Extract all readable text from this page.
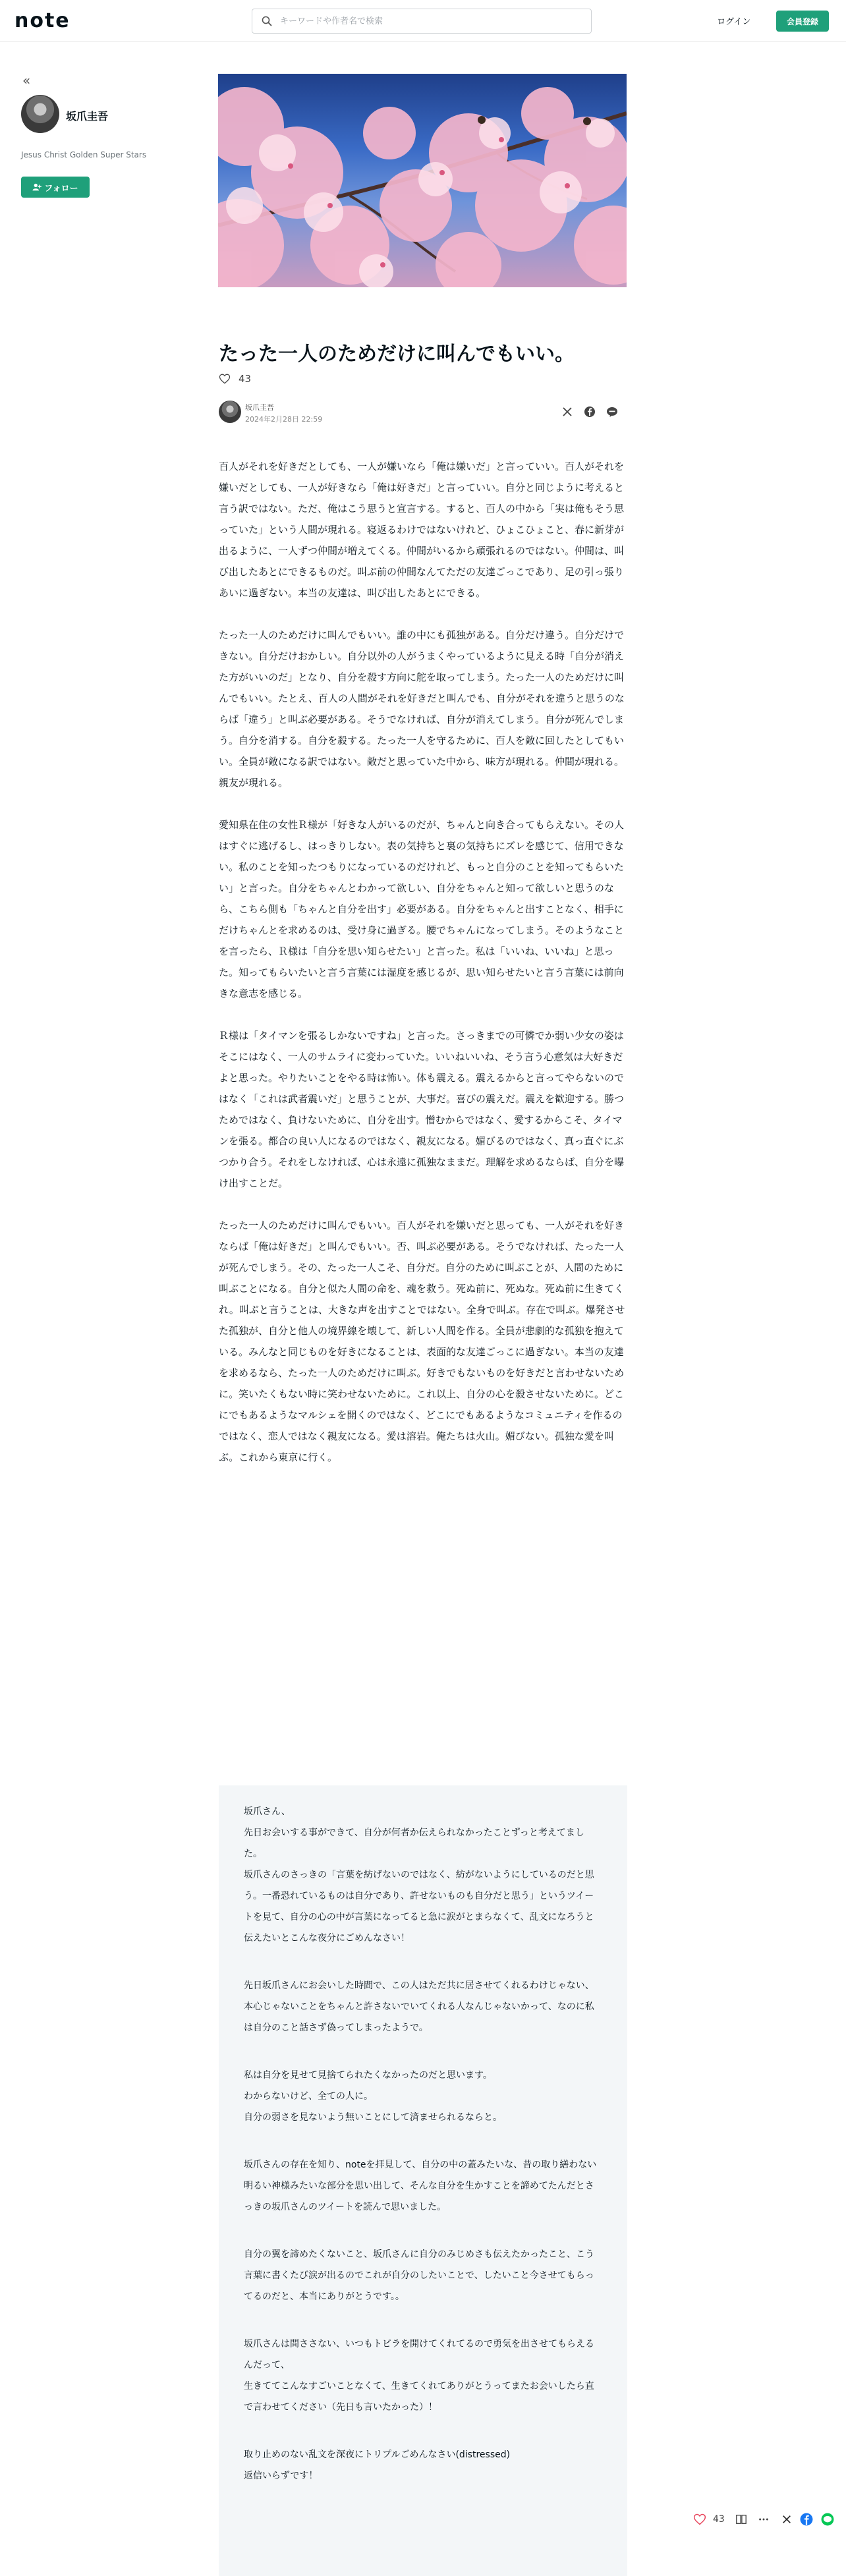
note
キーワードや作者名で検索	ログイン	会員登録
«
坂爪圭吾
Jesus Christ Golden Super Stars
フォロー
たった一人のためだけに叫んでもいい。
43
坂爪圭吾
2024年2月28日 22:59

百人がそれを好きだとしても、一人が嫌いなら「俺は嫌いだ」と言っていい。百人がそれを嫌いだとしても、一人が好きなら「俺は好きだ」と言っていい。自分と同じように考えると言う訳ではない。ただ、俺はこう思うと宣言する。すると、百人の中から「実は俺もそう思っていた」という人間が現れる。寝返るわけではないけれど、ひょこひょこと、春に新芽が出るように、一人ずつ仲間が増えてくる。仲間がいるから頑張れるのではない。仲間は、叫び出したあとにできるものだ。叫ぶ前の仲間なんてただの友達ごっこであり、足の引っ張りあいに過ぎない。本当の友達は、叫び出したあとにできる。

たった一人のためだけに叫んでもいい。誰の中にも孤独がある。自分だけ違う。自分だけできない。自分だけおかしい。自分以外の人がうまくやっているように見える時「自分が消えた方がいいのだ」となり、自分を殺す方向に舵を取ってしまう。たった一人のためだけに叫んでもいい。たとえ、百人の人間がそれを好きだと叫んでも、自分がそれを違うと思うのならば「違う」と叫ぶ必要がある。そうでなければ、自分が消えてしまう。自分が死んでしまう。自分を消する。自分を殺する。たった一人を守るために、百人を敵に回したとしてもいい。全員が敵になる訳ではない。敵だと思っていた中から、味方が現れる。仲間が現れる。親友が現れる。

愛知県在住の女性Ｒ様が「好きな人がいるのだが、ちゃんと向き合ってもらえない。その人はすぐに逃げるし、はっきりしない。表の気持ちと裏の気持ちにズレを感じて、信用できない。私のことを知ったつもりになっているのだけれど、もっと自分のことを知ってもらいたい」と言った。自分をちゃんとわかって欲しい、自分をちゃんと知って欲しいと思うのなら、こちら側も「ちゃんと自分を出す」必要がある。自分をちゃんと出すことなく、相手にだけちゃんとを求めるのは、受け身に過ぎる。腰でちゃんになってしまう。そのようなことを言ったら、Ｒ様は「自分を思い知らせたい」と言った。私は「いいね、いいね」と思った。知ってもらいたいと言う言葉には湿度を感じるが、思い知らせたいと言う言葉には前向きな意志を感じる。

Ｒ様は「タイマンを張るしかないですね」と言った。さっきまでの可憐でか弱い少女の姿はそこにはなく、一人のサムライに変わっていた。いいねいいね、そう言う心意気は大好きだよと思った。やりたいことをやる時は怖い。体も震える。震えるからと言ってやらないのではなく「これは武者震いだ」と思うことが、大事だ。喜びの震えだ。震えを歓迎する。勝つためではなく、負けないために、自分を出す。憎むからではなく、愛するからこそ、タイマンを張る。都合の良い人になるのではなく、親友になる。媚びるのではなく、真っ直ぐにぶつかり合う。それをしなければ、心は永遠に孤独なままだ。理解を求めるならば、自分を曝け出すことだ。

たった一人のためだけに叫んでもいい。百人がそれを嫌いだと思っても、一人がそれを好きならば「俺は好きだ」と叫んでもいい。否、叫ぶ必要がある。そうでなければ、たった一人が死んでしまう。その、たった一人こそ、自分だ。自分のために叫ぶことが、人間のために叫ぶことになる。自分と似た人間の命を、魂を救う。死ぬ前に、死ぬな。死ぬ前に生きてくれ。叫ぶと言うことは、大きな声を出すことではない。全身で叫ぶ。存在で叫ぶ。爆発させた孤独が、自分と他人の境界線を壊して、新しい人間を作る。全員が悲劇的な孤独を抱えている。みんなと同じものを好きになることは、表面的な友達ごっこに過ぎない。本当の友達を求めるなら、たった一人のためだけに叫ぶ。好きでもないものを好きだと言わせないために。笑いたくもない時に笑わせないために。これ以上、自分の心を殺させないために。どこにでもあるようなマルシェを開くのではなく、どこにでもあるようなコミュニティを作るのではなく、恋人ではなく親友になる。愛は溶岩。俺たちは火山。媚びない。孤独な愛を叫ぶ。これから東京に行く。

坂爪さん、
先日お会いする事ができて、自分が何者か伝えられなかったことずっと考えてました。
坂爪さんのさっきの「言葉を紡げないのではなく、紡がないようにしているのだと思う。一番恐れているものは自分であり、許せないものも自分だと思う」というツイートを見て、自分の心の中が言葉になってると急に涙がとまらなくて、乱文になろうと伝えたいとこんな夜分にごめんなさい！

先日坂爪さんにお会いした時間で、この人はただ共に居させてくれるわけじゃない、本心じゃないことをちゃんと許さないでいてくれる人なんじゃないかって、なのに私は自分のこと話さず偽ってしまったようで。

私は自分を見せて見捨てられたくなかったのだと思います。
わからないけど、全ての人に。
自分の弱さを見ないよう無いことにして済ませられるならと。

坂爪さんの存在を知り、noteを拝見して、自分の中の蓋みたいな、昔の取り繕わない明るい神様みたいな部分を思い出して、そんな自分を生かすことを諦めてたんだとさっきの坂爪さんのツイートを読んで思いました。

自分の翼を諦めたくないこと、坂爪さんに自分のみじめさも伝えたかったこと、こう言葉に書くたび涙が出るのでこれが自分のしたいことで、したいこと今させてもらってるのだと、本当にありがとうです。。

坂爪さんは間ささない、いつもトビラを開けてくれてるので勇気を出させてもらえるんだって、
生きててこんなすごいことなくて、生きてくれてありがとうってまたお会いしたら直で言わせてください（先日も言いたかった）！

取り止めのない乱文を深夜にトリプルごめんなさい(distressed)
返信いらずです！

43
